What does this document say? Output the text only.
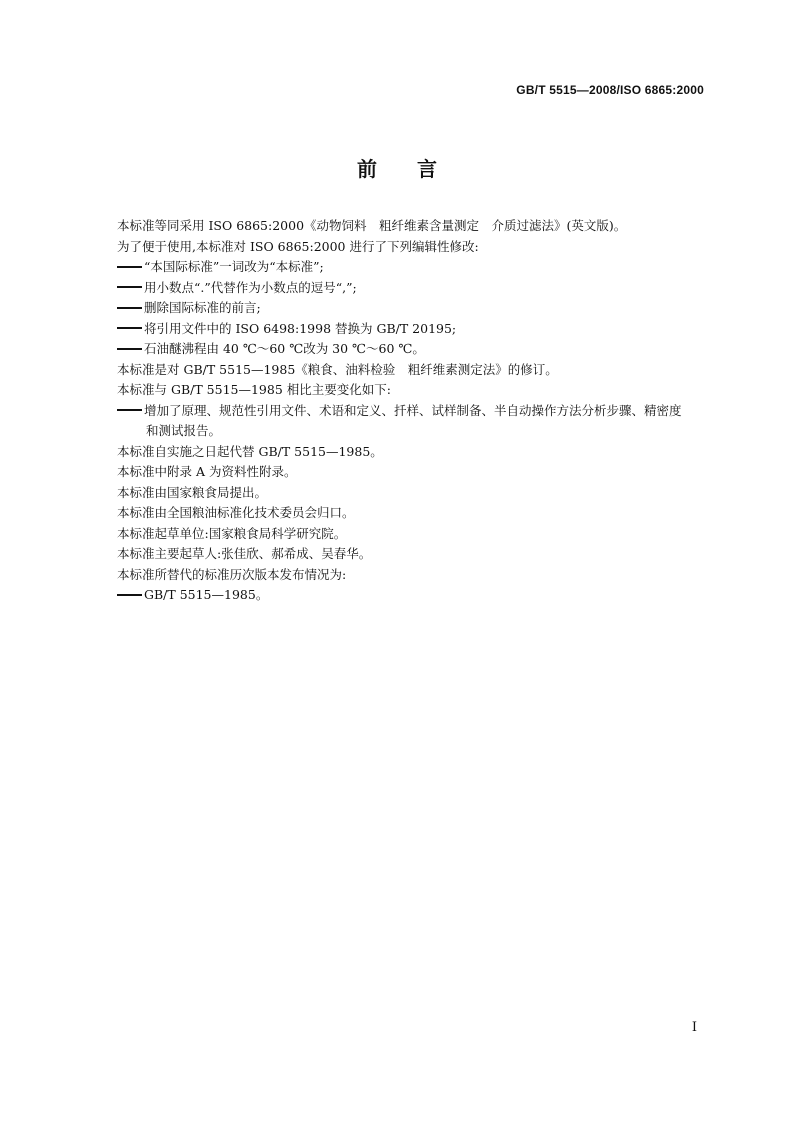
GB/T 5515—2008/ISO 6865:2000
前言
本标准等同采用 ISO 6865:2000《动物饲料　粗纤维素含量测定　介质过滤法》(英文版)。
为了便于使用,本标准对 ISO 6865:2000 进行了下列编辑性修改:
“本国际标准”一词改为“本标准”;
用小数点“.”代替作为小数点的逗号“,”;
删除国际标准的前言;
将引用文件中的 ISO 6498:1998 替换为 GB/T 20195;
石油醚沸程由 40 ℃～60 ℃改为 30 ℃～60 ℃。
本标准是对 GB/T 5515—1985《粮食、油料检验　粗纤维素测定法》的修订。
本标准与 GB/T 5515—1985 相比主要变化如下:
增加了原理、规范性引用文件、术语和定义、扦样、试样制备、半自动操作方法分析步骤、精密度
和测试报告。
本标准自实施之日起代替 GB/T 5515—1985。
本标准中附录 A 为资料性附录。
本标准由国家粮食局提出。
本标准由全国粮油标准化技术委员会归口。
本标准起草单位:国家粮食局科学研究院。
本标准主要起草人:张佳欣、郝希成、吴春华。
本标准所替代的标准历次版本发布情况为:
GB/T 5515—1985。
I
